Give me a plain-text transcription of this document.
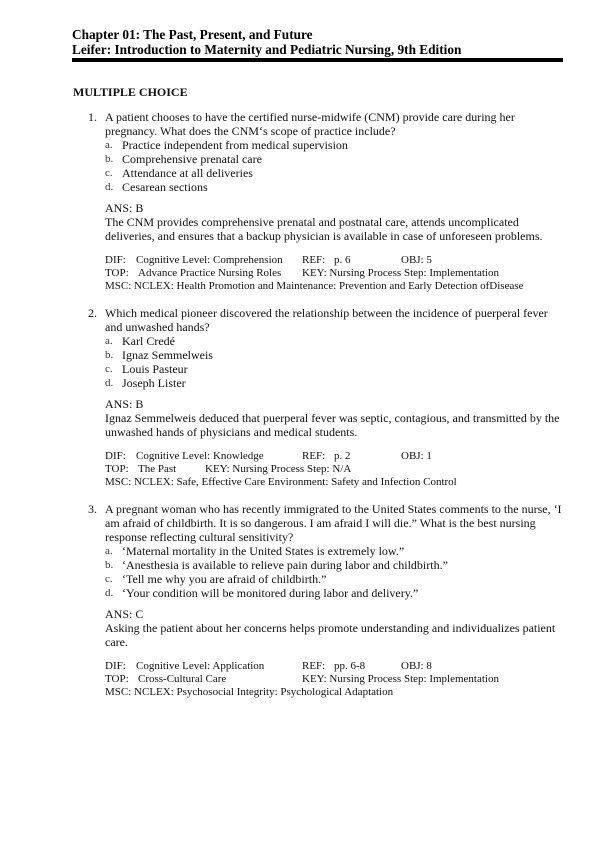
Chapter 01: The Past, Present, and Future
Leifer: Introduction to Maternity and Pediatric Nursing, 9th Edition
MULTIPLE CHOICE
1. A patient chooses to have the certified nurse-midwife (CNM) provide care during her pregnancy. What does the CNM‘s scope of practice include?
a. Practice independent from medical supervision
b. Comprehensive prenatal care
c. Attendance at all deliveries
d. Cesarean sections
ANS: B
The CNM provides comprehensive prenatal and postnatal care, attends uncomplicated deliveries, and ensures that a backup physician is available in case of unforeseen problems.
DIF: Cognitive Level: Comprehension REF: p. 6	OBJ: 5
TOP: Advance Practice Nursing Roles KEY: Nursing Process Step: Implementation
MSC: NCLEX: Health Promotion and Maintenance: Prevention and Early Detection ofDisease
2. Which medical pioneer discovered the relationship between the incidence of puerperal fever and unwashed hands?
a. Karl Credé
b. Ignaz Semmelweis
c. Louis Pasteur
d. Joseph Lister
ANS: B
Ignaz Semmelweis deduced that puerperal fever was septic, contagious, and transmitted by the unwashed hands of physicians and medical students.
DIF: Cognitive Level: Knowledge	REF: p. 2	OBJ: 1
TOP: The Past	KEY: Nursing Process Step: N/A
MSC: NCLEX: Safe, Effective Care Environment: Safety and Infection Control
3. A pregnant woman who has recently immigrated to the United States comments to the nurse, ‘I am afraid of childbirth. It is so dangerous. I am afraid I will die.” What is the best nursing response reflecting cultural sensitivity?
a. ‘Maternal mortality in the United States is extremely low.”
b. ‘Anesthesia is available to relieve pain during labor and childbirth.”
c. ‘Tell me why you are afraid of childbirth.”
d. ‘Your condition will be monitored during labor and delivery.”
ANS: C
Asking the patient about her concerns helps promote understanding and individualizes patient care.
DIF: Cognitive Level: Application	REF: pp. 6-8	OBJ: 8
TOP: Cross-Cultural Care	KEY: Nursing Process Step: Implementation
MSC: NCLEX: Psychosocial Integrity: Psychological Adaptation
